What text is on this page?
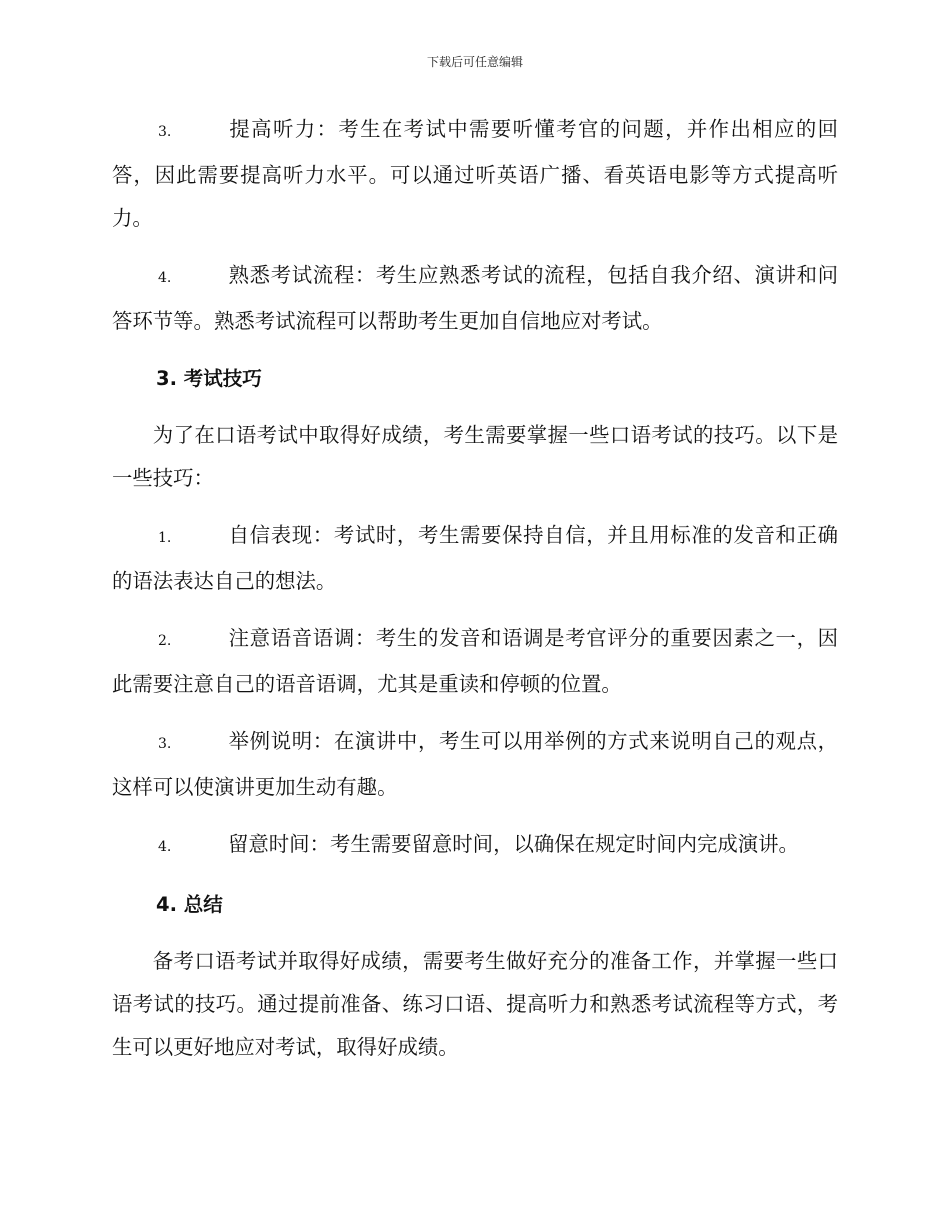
下载后可任意编辑

3.	提高听力：考生在考试中需要听懂考官的问题，并作出相应的回答，因此需要提高听力水平。可以通过听英语广播、看英语电影等方式提高听力。

4.	熟悉考试流程：考生应熟悉考试的流程，包括自我介绍、演讲和问答环节等。熟悉考试流程可以帮助考生更加自信地应对考试。

3. 考试技巧

为了在口语考试中取得好成绩，考生需要掌握一些口语考试的技巧。以下是一些技巧：

1.	自信表现：考试时，考生需要保持自信，并且用标准的发音和正确的语法表达自己的想法。

2.	注意语音语调：考生的发音和语调是考官评分的重要因素之一，因此需要注意自己的语音语调，尤其是重读和停顿的位置。

3.	举例说明：在演讲中，考生可以用举例的方式来说明自己的观点，这样可以使演讲更加生动有趣。

4.	留意时间：考生需要留意时间，以确保在规定时间内完成演讲。

4. 总结

备考口语考试并取得好成绩，需要考生做好充分的准备工作，并掌握一些口语考试的技巧。通过提前准备、练习口语、提高听力和熟悉考试流程等方式，考生可以更好地应对考试，取得好成绩。
